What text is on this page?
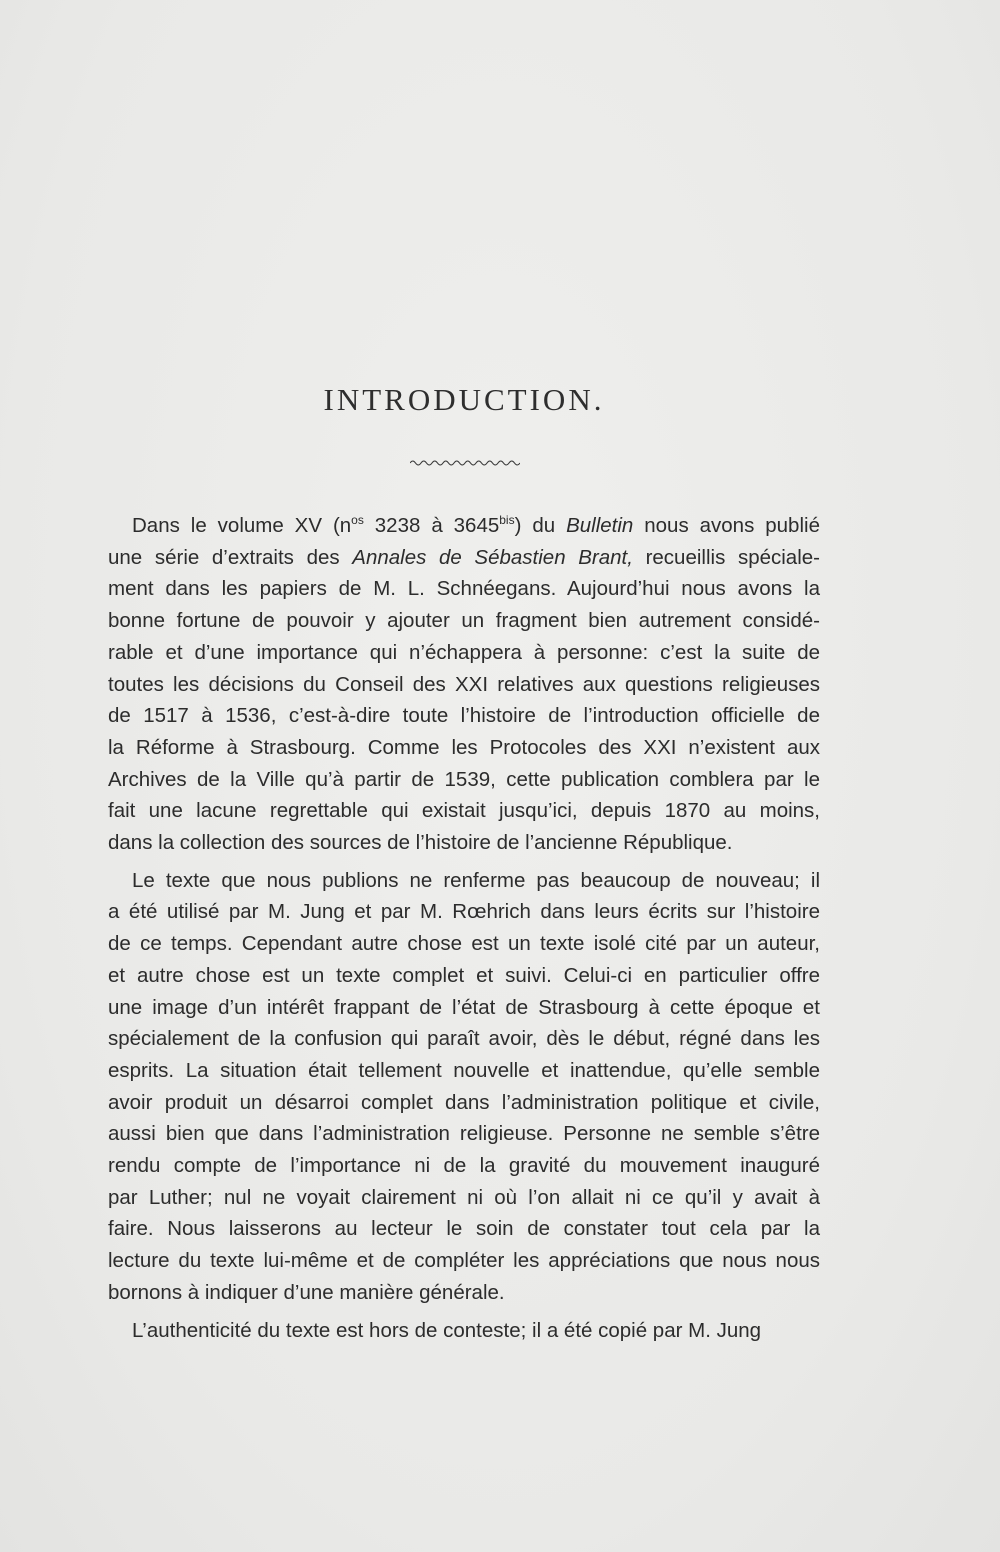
INTRODUCTION.

Dans le volume XV ($n^{os}$ 3238 à $3645^{bis}$) du Bulletin nous avons publié
une série d’extraits des Annales de Sébastien Brant, recueillis spéciale-
ment dans les papiers de M. L. Schnéegans. Aujourd’hui nous avons la
bonne fortune de pouvoir y ajouter un fragment bien autrement considé-
rable et d’une importance qui n’échappera à personne: c’est la suite de
toutes les décisions du Conseil des XXI relatives aux questions religieuses
de 1517 à 1536, c’est-à-dire toute l’histoire de l’introduction officielle de
la Réforme à Strasbourg. Comme les Protocoles des XXI n’existent aux
Archives de la Ville qu’à partir de 1539, cette publication comblera par le
fait une lacune regrettable qui existait jusqu’ici, depuis 1870 au moins,
dans la collection des sources de l’histoire de l’ancienne République.

Le texte que nous publions ne renferme pas beaucoup de nouveau; il
a été utilisé par M. Jung et par M. Rœhrich dans leurs écrits sur l’histoire
de ce temps. Cependant autre chose est un texte isolé cité par un auteur,
et autre chose est un texte complet et suivi. Celui-ci en particulier offre
une image d’un intérêt frappant de l’état de Strasbourg à cette époque et
spécialement de la confusion qui paraît avoir, dès le début, régné dans les
esprits. La situation était tellement nouvelle et inattendue, qu’elle semble
avoir produit un désarroi complet dans l’administration politique et civile,
aussi bien que dans l’administration religieuse. Personne ne semble s’être
rendu compte de l’importance ni de la gravité du mouvement inauguré
par Luther; nul ne voyait clairement ni où l’on allait ni ce qu’il y avait à
faire. Nous laisserons au lecteur le soin de constater tout cela par la
lecture du texte lui-même et de compléter les appréciations que nous nous
bornons à indiquer d’une manière générale.

L’authenticité du texte est hors de conteste; il a été copié par M. Jung
